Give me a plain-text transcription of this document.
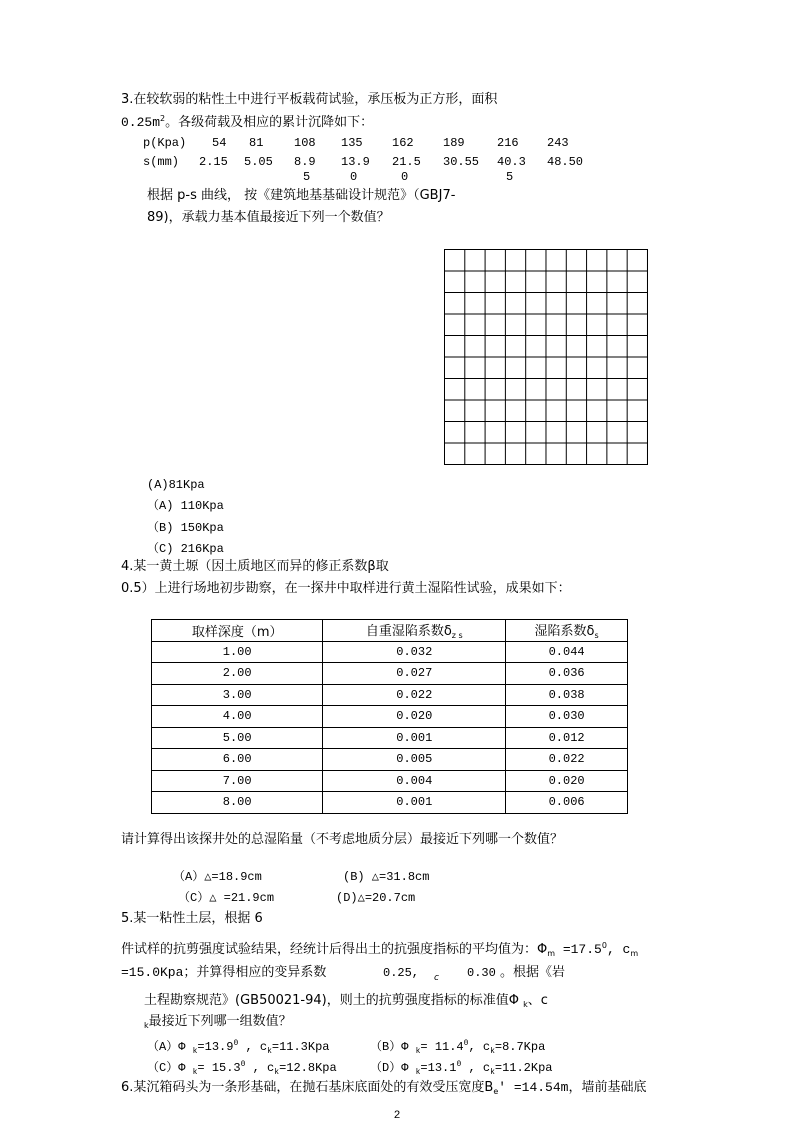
3.在较软弱的粘性土中进行平板载荷试验，承压板为正方形，面积
$0.25m^2$。各级荷载及相应的累计沉降如下：
p(Kpa) 54 81	108 135 162 189	216 243
s(mm) 2.15 5.05 8.9 13.9 21.5 30.55 40.3 48.50
5	0	0	5
根据 p-s 曲线， 按《建筑地基基础设计规范》（GBJ7-
89)，承载力基本值最接近下列一个数值？
(A)81Kpa
（A) 110Kpa
（B) 150Kpa
（C) 216Kpa
4.某一黄土塬（因土质地区而异的修正系数β取
0.5）上进行场地初步勘察，在一探井中取样进行黄土湿陷性试验，成果如下：
取样深度（m）	自重湿陷系数$\delta_{z s}$	湿陷系数$\delta_s$
1.00	0.032	0.044
2.00	0.027	0.036
3.00	0.022	0.038
4.00	0.020	0.030
5.00	0.001	0.012
6.00	0.005	0.022
7.00	0.004	0.020
8.00	0.001	0.006
请计算得出该探井处的总湿陷量（不考虑地质分层）最接近下列哪一个数值？
（A）△=18.9cm	(B) △=31.8cm
（C）△ =21.9cm	(D)△=20.7cm
5.某一粘性土层，根据 6
件试样的抗剪强度试验结果，经统计后得出土的抗强度指标的平均值为：$\Phi_m =17.5^0$, $c_m$
=15.0Kpa；并算得相应的变异系数	0.25, c 0.30 。根据《岩
土程勘察规范》(GB50021-94)，则土的抗剪强度指标的标准值Φ $_k$、c
$_k$最接近下列哪一组数值？
（A）Φ $_k=13.9^0$ , $c_k=11.3Kpa$	（B）Φ $_k= 11.4^0$, $c_k=8.7Kpa$
（C）Φ $_k= 15.3^0$ , $c_k=12.8Kpa$	（D）Φ $_k=13.1^0$ , $c_k=11.2Kpa$
6.某沉箱码头为一条形基础，在抛石基床底面处的有效受压宽度$B_e' =14.54m$，墙前基础底
2
